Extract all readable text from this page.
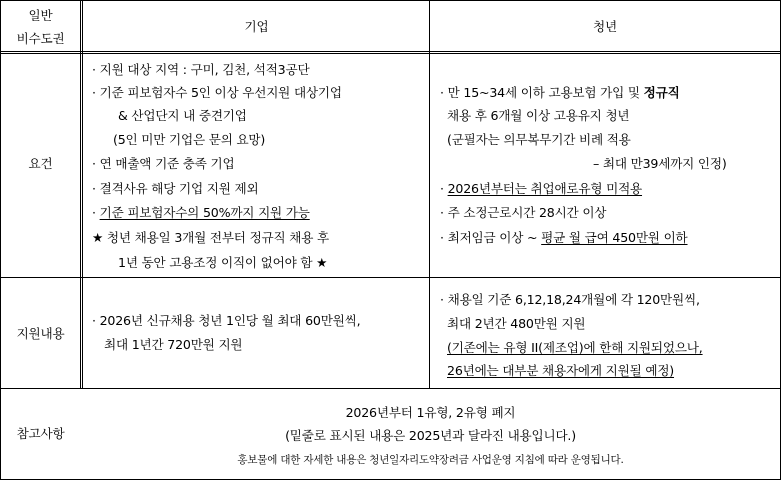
일반
비수도권
기업	청년
요건
· 지원 대상 지역 : 구미, 김천, 석적3공단
· 기준 피보험자수 5인 이상 우선지원 대상기업
& 산업단지 내 중견기업
(5인 미만 기업은 문의 요망)
· 연 매출액 기준 충족 기업
· 결격사유 해당 기업 지원 제외
· 기준 피보험자수의 50%까지 지원 가능
★ 청년 채용일 3개월 전부터 정규직 채용 후
1년 동안 고용조정 이직이 없어야 함 ★
· 만 15~34세 이하 고용보험 가입 및 정규직
채용 후 6개월 이상 고용유지 청년
(군필자는 의무복무기간 비례 적용
– 최대 만39세까지 인정)
· 2026년부터는 취업애로유형 미적용
· 주 소정근로시간 28시간 이상
· 최저임금 이상 ~ 평균 월 급여 450만원 이하
지원내용
· 2026년 신규채용 청년 1인당 월 최대 60만원씩,
최대 1년간 720만원 지원
· 채용일 기준 6,12,18,24개월에 각 120만원씩,
최대 2년간 480만원 지원
(기존에는 유형 II(제조업)에 한해 지원되었으나,
26년에는 대부분 채용자에게 지원될 예정)
참고사항
2026년부터 1유형, 2유형 폐지
(밑줄로 표시된 내용은 2025년과 달라진 내용입니다.)
홍보물에 대한 자세한 내용은 청년일자리도약장려금 사업운영 지침에 따라 운영됩니다.
